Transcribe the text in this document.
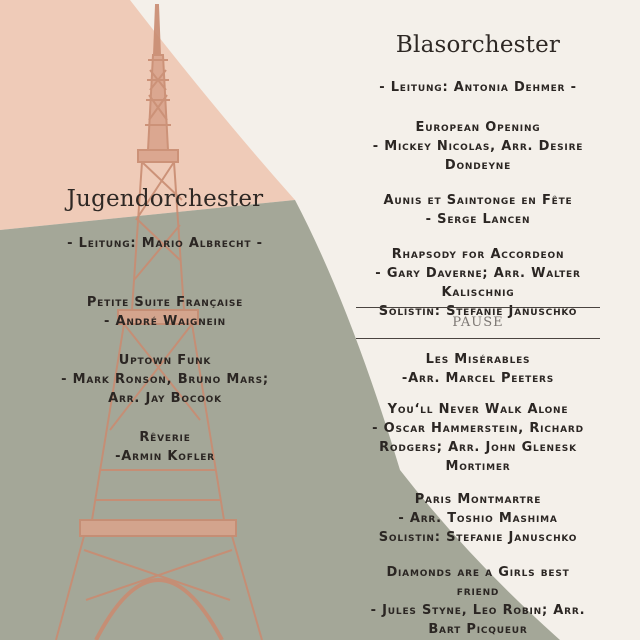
Jugendorchester
- Leitung: Mario Albrecht -
Petite Suite Française
- André Waignein
Uptown Funk
- Mark Ronson, Bruno Mars;
Arr. Jay Bocook
Rêverie
-Armin Kofler
Blasorchester
- Leitung: Antonia Dehmer -
European Opening
- Mickey Nicolas, Arr. Desire
Dondeyne
Aunis et Saintonge en Fête
- Serge Lancen
Rhapsody for Accordeon
- Gary Daverne; Arr. Walter
Kalischnig
Solistin: Stefanie Januschko
PAUSE
Les Misérables
-Arr. Marcel Peeters
You‘ll Never Walk Alone
- Oscar Hammerstein, Richard
Rodgers; Arr. John Glenesk
Mortimer
Paris Montmartre
- Arr. Toshio Mashima
Solistin: Stefanie Januschko
Diamonds are a Girls best
friend
- Jules Styne, Leo Robin; Arr.
Bart Picqueur
